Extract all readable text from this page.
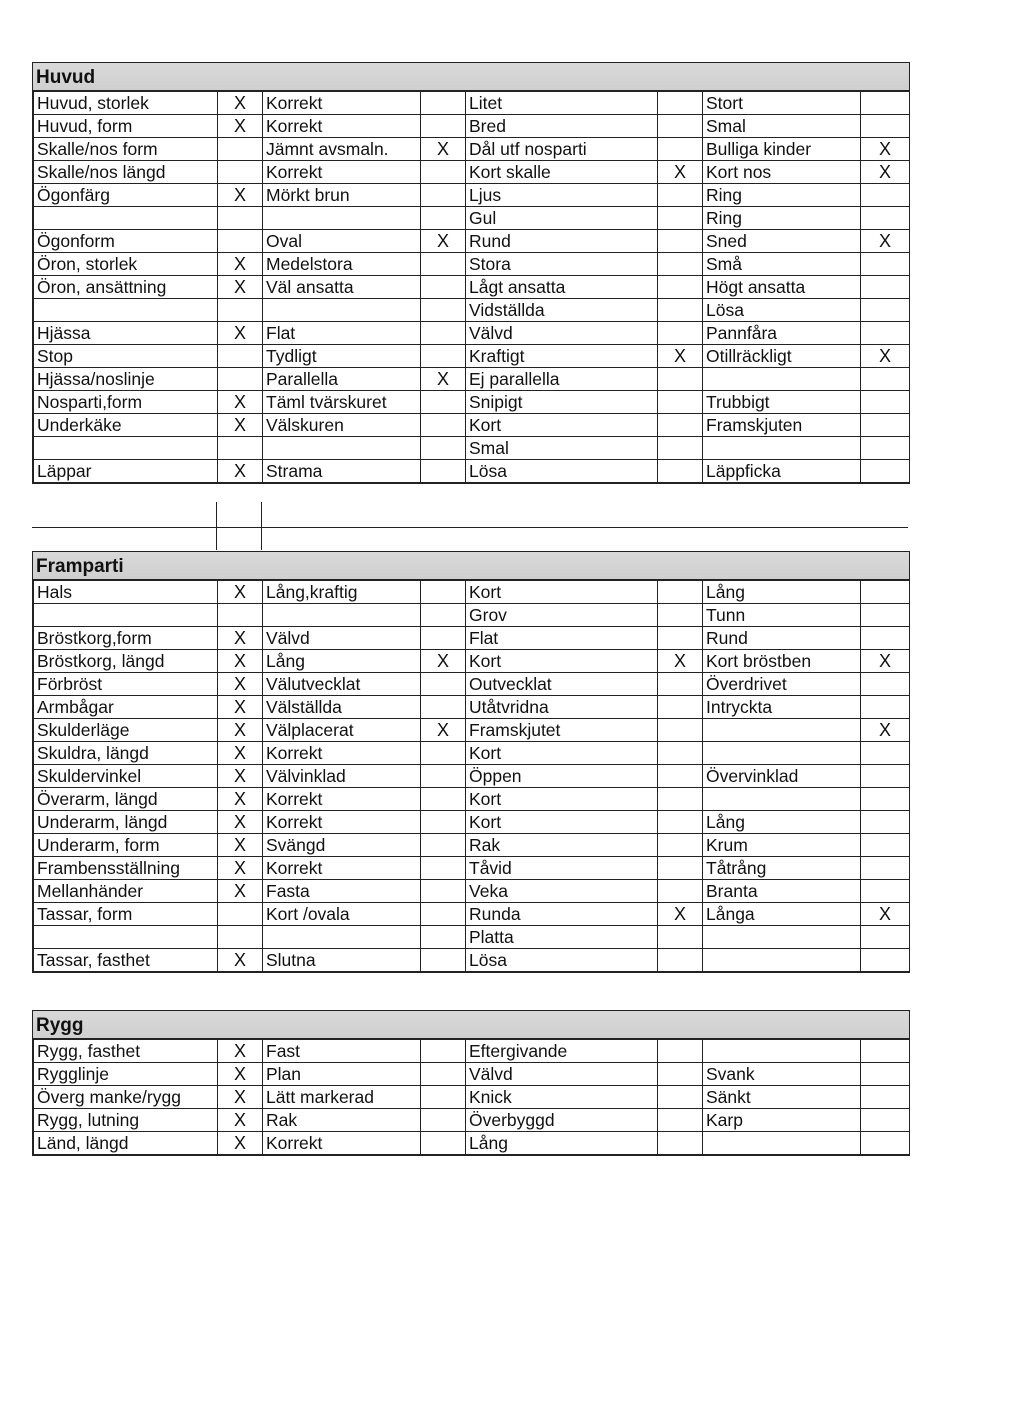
Huvud
Huvud, storlek	X	Korrekt		Litet		Stort	
Huvud, form	X	Korrekt		Bred		Smal	
Skalle/nos form		Jämnt avsmaln.	X	Dål utf nosparti		Bulliga kinder	X
Skalle/nos längd		Korrekt		Kort skalle	X	Kort nos	X
Ögonfärg	X	Mörkt brun		Ljus		Ring	
				Gul		Ring	
Ögonform		Oval	X	Rund		Sned	X
Öron, storlek	X	Medelstora		Stora		Små	
Öron, ansättning	X	Väl ansatta		Lågt ansatta		Högt ansatta	
				Vidställda		Lösa	
Hjässa	X	Flat		Välvd		Pannfåra	
Stop		Tydligt		Kraftigt	X	Otillräckligt	X
Hjässa/noslinje		Parallella	X	Ej parallella			
Nosparti,form	X	Täml tvärskuret		Snipigt		Trubbigt	
Underkäke	X	Välskuren		Kort		Framskjuten	
				Smal			
Läppar	X	Strama		Lösa		Läppficka	
Framparti
Hals	X	Lång,kraftig		Kort		Lång	
				Grov		Tunn	
Bröstkorg,form	X	Välvd		Flat		Rund	
Bröstkorg, längd	X	Lång	X	Kort	X	Kort bröstben	X
Förbröst	X	Välutvecklat		Outvecklat		Överdrivet	
Armbågar	X	Välställda		Utåtvridna		Intryckta	
Skulderläge	X	Välplacerat	X	Framskjutet			X
Skuldra, längd	X	Korrekt		Kort			
Skuldervinkel	X	Välvinklad		Öppen		Övervinklad	
Överarm, längd	X	Korrekt		Kort			
Underarm, längd	X	Korrekt		Kort		Lång	
Underarm, form	X	Svängd		Rak		Krum	
Frambensställning	X	Korrekt		Tåvid		Tåtrång	
Mellanhänder	X	Fasta		Veka		Branta	
Tassar, form		Kort /ovala		Runda	X	Långa	X
				Platta			
Tassar, fasthet	X	Slutna		Lösa			
Rygg
Rygg, fasthet	X	Fast		Eftergivande			
Rygglinje	X	Plan		Välvd		Svank	
Överg manke/rygg	X	Lätt markerad		Knick		Sänkt	
Rygg, lutning	X	Rak		Överbyggd		Karp	
Länd, längd	X	Korrekt		Lång			
